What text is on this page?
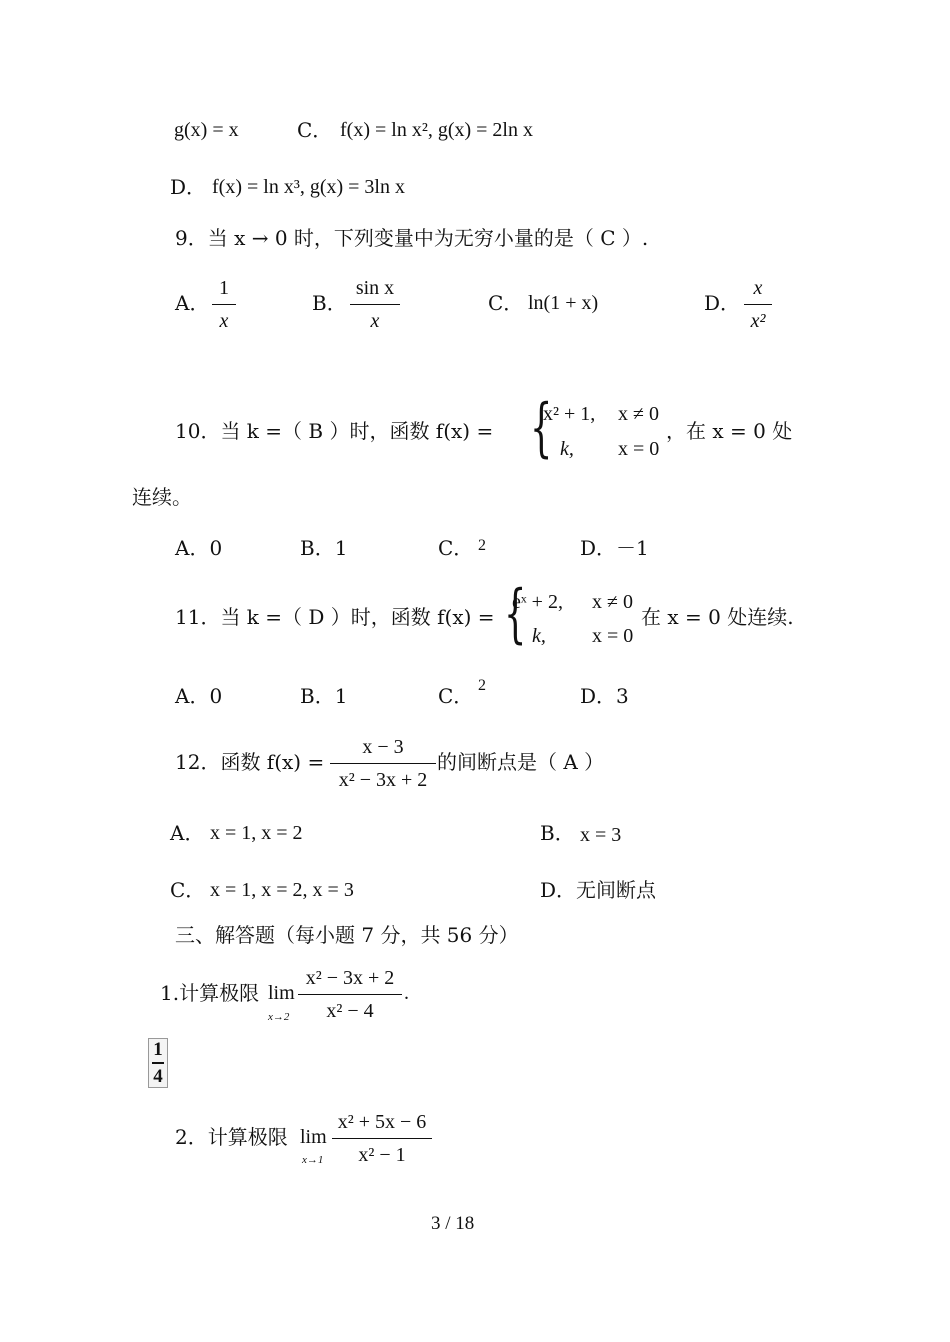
g(x) = x	C． f(x) = ln x², g(x) = 2ln x
D． f(x) = ln x³, g(x) = 3ln x
9．当 x → 0 时，下列变量中为无穷小量的是（ C ）.
A．
1
x
B．
sin x
x
C． ln(1 + x)	D．
x
x²
10．当 k =（ B ）时，函数 f(x) = {
x² + 1, x ≠ 0
k, x = 0
，在 x = 0 处
连续。
A．0	B．1	C． 2	D．－1
11．当 k =（ D ）时，函数 f(x) = {
eˣ + 2, x ≠ 0
k, x = 0
在 x = 0 处连续.
A．0	B．1	C． 2	D．3
12．函数 f(x) =
x − 3
x² − 3x + 2
的间断点是（ A ）
A． x = 1, x = 2	B． x = 3
C． x = 1, x = 2, x = 3	D．无间断点
三、解答题（每小题 7 分，共 56 分）
1.计算极限 lim
x→2
x² − 3x + 2
x² − 4
.
1
4
2．计算极限 lim
x→1
x² + 5x − 6
x² − 1
3 / 18
